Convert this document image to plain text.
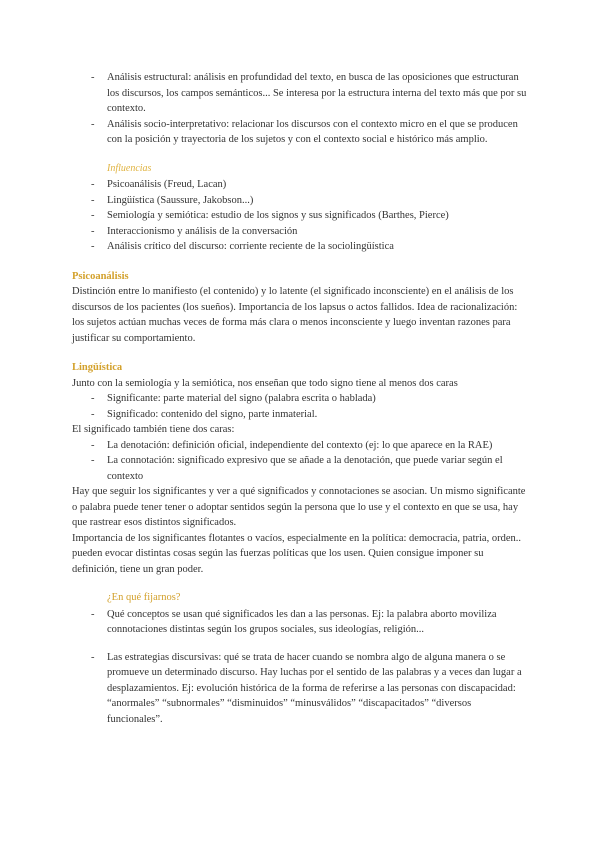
- Análisis estructural: análisis en profundidad del texto, en busca de las oposiciones que estructuran los discursos, los campos semánticos... Se interesa por la estructura interna del texto más que por su contexto.
- Análisis socio-interpretativo: relacionar los discursos con el contexto micro en el que se producen con la posición y trayectoria de los sujetos y con el contexto social e histórico más amplio.
Influencias
- Psicoanálisis (Freud, Lacan)
- Lingüística (Saussure, Jakobson...)
- Semiología y semiótica: estudio de los signos y sus significados (Barthes, Pierce)
- Interaccionismo y análisis de la conversación
- Análisis crítico del discurso: corriente reciente de la sociolingüística
Psicoanálisis

Distinción entre lo manifiesto (el contenido) y lo latente (el significado inconsciente) en el análisis de los discursos de los pacientes (los sueños). Importancia de los lapsus o actos fallidos. Idea de racionalización: los sujetos actúan muchas veces de forma más clara o menos inconsciente y luego inventan razones para justificar su comportamiento.

Lingüística

Junto con la semiología y la semiótica, nos enseñan que todo signo tiene al menos dos caras

- Significante: parte material del signo (palabra escrita o hablada)
- Significado: contenido del signo, parte inmaterial.

El significado también tiene dos caras:

- La denotación: definición oficial, independiente del contexto (ej: lo que aparece en la RAE)
- La connotación: significado expresivo que se añade a la denotación, que puede variar según el contexto

Hay que seguir los significantes y ver a qué significados y connotaciones se asocian. Un mismo significante o palabra puede tener tener o adoptar sentidos según la persona que lo use y el contexto en que se usa, hay que rastrear esos distintos significados.

Importancia de los significantes flotantes o vacíos, especialmente en la política: democracia, patria, orden.. pueden evocar distintas cosas según las fuerzas políticas que los usen. Quien consigue imponer su definición, tiene un gran poder.

¿En qué fijarnos?
- Qué conceptos se usan qué significados les dan a las personas. Ej: la palabra aborto moviliza connotaciones distintas según los grupos sociales, sus ideologías, religión...
- Las estrategias discursivas: qué se trata de hacer cuando se nombra algo de alguna manera o se promueve un determinado discurso. Hay luchas por el sentido de las palabras y a veces dan lugar a desplazamientos. Ej: evolución histórica de la forma de referirse a las personas con discapacidad: “anormales” “subnormales” “disminuidos” “minusválidos” “discapacitados” “diversos funcionales”.
